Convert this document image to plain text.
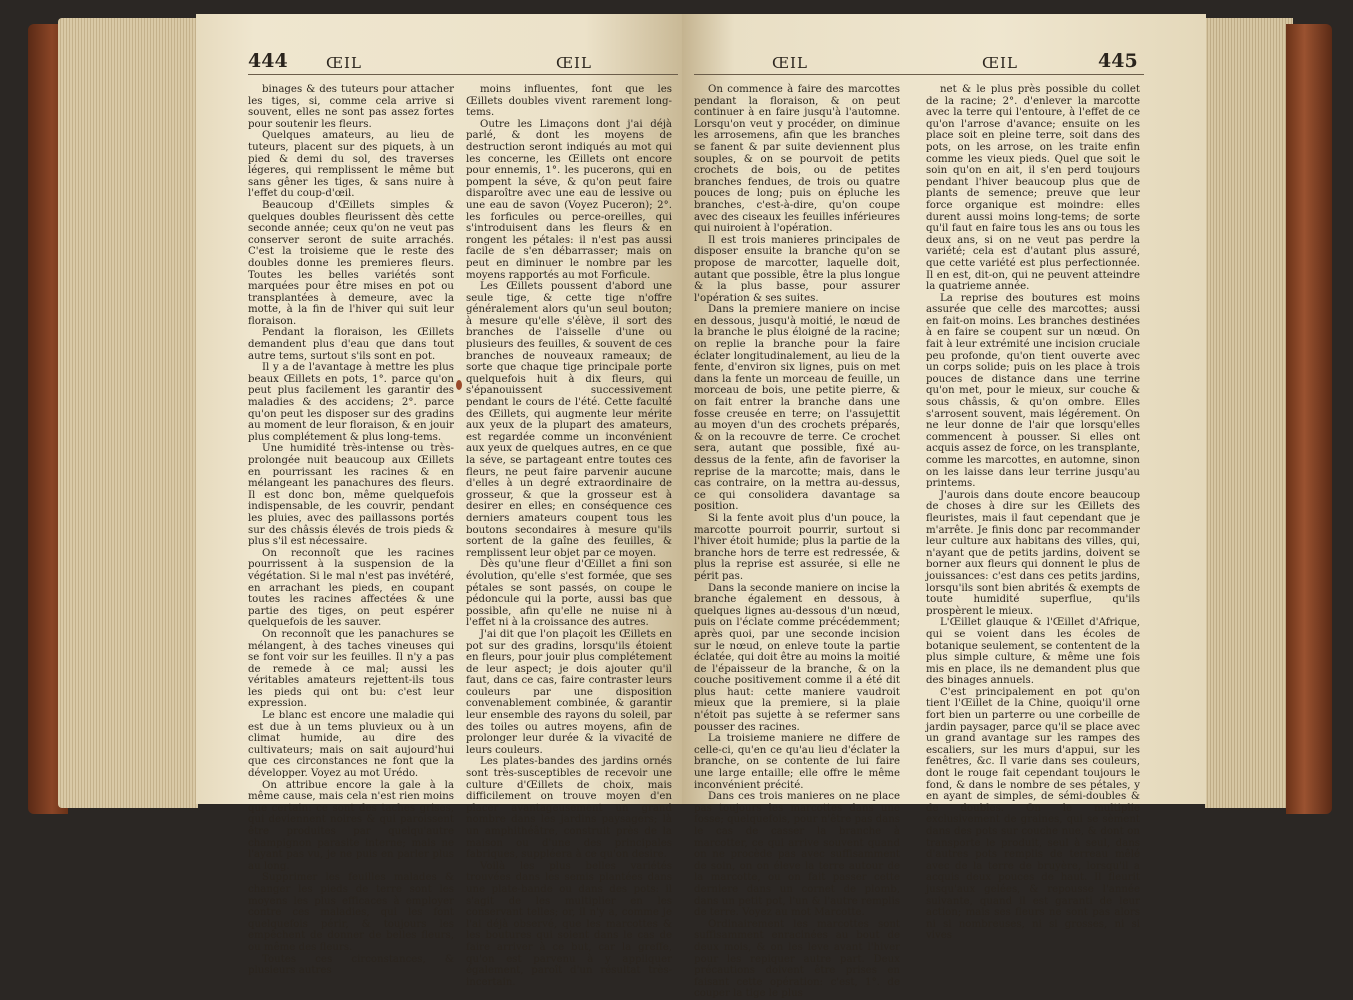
444	ŒIL	ŒIL

binages & des tuteurs pour attacher les tiges, si, comme cela arrive si souvent, elles ne sont pas assez fortes pour soutenir les fleurs.

Quelques amateurs, au lieu de tuteurs, placent sur des piquets, à un pied & demi du sol, des traverses légeres, qui remplissent le même but sans gêner les tiges, & sans nuire à l'effet du coup-d'œil.

Beaucoup d'Œillets simples & quelques doubles fleurissent dès cette seconde année; ceux qu'on ne veut pas conserver seront de suite arrachés. C'est la troisieme que le reste des doubles donne les premieres fleurs. Toutes les belles variétés sont marquées pour être mises en pot ou transplantées à demeure, avec la motte, à la fin de l'hiver qui suit leur floraison.

Pendant la floraison, les Œillets demandent plus d'eau que dans tout autre tems, surtout s'ils sont en pot.

Il y a de l'avantage à mettre les plus beaux Œillets en pots, 1°. parce qu'on peut plus facilement les garantir des maladies & des accidens; 2°. parce qu'on peut les disposer sur des gradins au moment de leur floraison, & en jouir plus complétement & plus long-tems.

Une humidité très-intense ou très-prolongée nuit beaucoup aux Œillets en pourrissant les racines & en mélangeant les panachures des fleurs. Il est donc bon, même quelquefois indispensable, de les couvrir, pendant les pluies, avec des paillassons portés sur des châssis élevés de trois pieds & plus s'il est nécessaire.

On reconnoît que les racines pourrissent à la suspension de la végétation. Si le mal n'est pas invétéré, en arrachant les pieds, en coupant toutes les racines affectées & une partie des tiges, on peut espérer quelquefois de les sauver.

On reconnoît que les panachures se mélangent, à des taches vineuses qui se font voir sur les feuilles. Il n'y a pas de remede à ce mal; aussi les véritables amateurs rejettent-ils tous les pieds qui ont bu: c'est leur expression.

Le blanc est encore une maladie qui est due à un tems pluvieux ou à un climat humide, au dire des cultivateurs; mais on sait aujourd'hui que ces circonstances ne font que la développer. Voyez au mot Urédo.

On attribue encore la gale à la même cause, mais cela n'est rien moins que certain: ce sont des taches grises, qui deviennent noires & qui paroissent être produites par quelqu'autre champignon parasite interne; mais ne l'ayant pas vu, je ne puis en parler plus au long.

Supprimer les feuilles malades & changer les pieds de terre sont les moyens les plus efficaces à employer contre ces maladies, qui les font quelquefois périr, & toujours les empêchent de donner de belles fleurs, ou même des fleurs.

Toutes ces circonstances, & plusieurs autres

moins influentes, font que les Œillets doubles vivent rarement long-tems.

Outre les Limaçons dont j'ai déjà parlé, & dont les moyens de destruction seront indiqués au mot qui les concerne, les Œillets ont encore pour ennemis, 1°. les pucerons, qui en pompent la séve, & qu'on peut faire disparoître avec une eau de lessive ou une eau de savon (Voyez Puceron); 2°. les forficules ou perce-oreilles, qui s'introduisent dans les fleurs & en rongent les pétales: il n'est pas aussi facile de s'en débarrasser; mais on peut en diminuer le nombre par les moyens rapportés au mot Forficule.

Les Œillets poussent d'abord une seule tige, & cette tige n'offre généralement alors qu'un seul bouton; à mesure qu'elle s'élève, il sort des branches de l'aisselle d'une ou plusieurs des feuilles, & souvent de ces branches de nouveaux rameaux; de sorte que chaque tige principale porte quelquefois huit à dix fleurs, qui s'épanouissent successivement pendant le cours de l'été. Cette faculté des Œillets, qui augmente leur mérite aux yeux de la plupart des amateurs, est regardée comme un inconvénient aux yeux de quelques autres, en ce que la séve, se partageant entre toutes ces fleurs, ne peut faire parvenir aucune d'elles à un degré extraordinaire de grosseur, & que la grosseur est à desirer en elles; en conséquence ces derniers amateurs coupent tous les boutons secondaires à mesure qu'ils sortent de la gaîne des feuilles, & remplissent leur objet par ce moyen.

Dès qu'une fleur d'Œillet a fini son évolution, qu'elle s'est formée, que ses pétales se sont passés, on coupe le pédoncule qui la porte, aussi bas que possible, afin qu'elle ne nuise ni à l'effet ni à la croissance des autres.

J'ai dit que l'on plaçoit les Œillets en pot sur des gradins, lorsqu'ils étoient en fleurs, pour jouir plus complétement de leur aspect; je dois ajouter qu'il faut, dans ce cas, faire contraster leurs couleurs par une disposition convenablement combinée, & garantir leur ensemble des rayons du soleil, par des toiles ou autres moyens, afin de prolonger leur durée & la vivacité de leurs couleurs.

Les plates-bandes des jardins ornés sont très-susceptibles de recevoir une culture d'Œillets de choix, mais difficilement on trouve moyen d'en placer avantageusement un grand nombre dans les jardins paysagers; là un amphithéâtre, construit près de la maison ou d'une des principales fabriques, suppléera à ce qu'on desire.

Voilà les plus belles variétés trouvées dans les semis plantées dans une plate-bande ou dans des pots: il s'agit de les multiplier en les conservant telles; or, il n'y a, comme je l'ai déjà observé, que les marcottes & les boutures qui soient dans le cas de faire arriver à ce but, car la greffe, qu'on est parvenu à y appliquer également, paroît d'un résultat très-incertain.

ŒIL	ŒIL	445

On commence à faire des marcottes pendant la floraison, & on peut continuer à en faire jusqu'à l'automne. Lorsqu'on veut y procéder, on diminue les arrosemens, afin que les branches se fanent & par suite deviennent plus souples, & on se pourvoit de petits crochets de bois, ou de petites branches fendues, de trois ou quatre pouces de long; puis on épluche les branches, c'est-à-dire, qu'on coupe avec des ciseaux les feuilles inférieures qui nuiroient à l'opération.

Il est trois manieres principales de disposer ensuite la branche qu'on se propose de marcotter, laquelle doit, autant que possible, être la plus longue & la plus basse, pour assurer l'opération & ses suites.

Dans la premiere maniere on incise en dessous, jusqu'à moitié, le nœud de la branche le plus éloigné de la racine; on replie la branche pour la faire éclater longitudinalement, au lieu de la fente, d'environ six lignes, puis on met dans la fente un morceau de feuille, un morceau de bois, une petite pierre, & on fait entrer la branche dans une fosse creusée en terre; on l'assujettit au moyen d'un des crochets préparés, & on la recouvre de terre. Ce crochet sera, autant que possible, fixé au-dessus de la fente, afin de favoriser la reprise de la marcotte; mais, dans le cas contraire, on la mettra au-dessus, ce qui consolidera davantage sa position.

Si la fente avoit plus d'un pouce, la marcotte pourroit pourrir, surtout si l'hiver étoit humide; plus la partie de la branche hors de terre est redressée, & plus la reprise est assurée, si elle ne périt pas.

Dans la seconde maniere on incise la branche également en dessous, à quelques lignes au-dessous d'un nœud, puis on l'éclate comme précédemment; après quoi, par une seconde incision sur le nœud, on enleve toute la partie éclatée, qui doit être au moins la moitié de l'épaisseur de la branche, & on la couche positivement comme il a été dit plus haut: cette maniere vaudroit mieux que la premiere, si la plaie n'étoit pas sujette à se refermer sans pousser des racines.

La troisieme maniere ne differe de celle-ci, qu'en ce qu'au lieu d'éclater la branche, on se contente de lui faire une large entaille; elle offre le même inconvénient précité.

Dans ces trois manieres on ne place pas toujours les marcottes dans une fosse; quelquefois, pour n'être pas dans le cas de casser la branche à marcotter, ce qui arrive souvent quand on ne procède pas avec suffisamment de soin, on on éleve la terre autour de la marcotte, ou on fait passer cette derniere dans un cornet de plomb, dans un petit pot, l'un & l'autre remplis de terre. Voyez au mot Marcotte.

Ordinairement les marcottes sont suffisamment enracinées au bout de deux mois, & on les leve avant l'hiver pour les repiquer autre part. Deux précautions doivent être prises en faisant cette opération: c'est, 1°. de couper la tige le plus

net & le plus près possible du collet de la racine; 2°. d'enlever la marcotte avec la terre qui l'entoure, à l'effet de ce qu'on l'arrose d'avance; ensuite on les place soit en pleine terre, soit dans des pots, on les arrose, on les traite enfin comme les vieux pieds. Quel que soit le soin qu'on en ait, il s'en perd toujours pendant l'hiver beaucoup plus que de plants de semence; preuve que leur force organique est moindre: elles durent aussi moins long-tems; de sorte qu'il faut en faire tous les ans ou tous les deux ans, si on ne veut pas perdre la variété; cela est d'autant plus assuré, que cette variété est plus perfectionnée. Il en est, dit-on, qui ne peuvent atteindre la quatrieme année.

La reprise des boutures est moins assurée que celle des marcottes; aussi en fait-on moins. Les branches destinées à en faire se coupent sur un nœud. On fait à leur extrémité une incision cruciale peu profonde, qu'on tient ouverte avec un corps solide; puis on les place à trois pouces de distance dans une terrine qu'on met, pour le mieux, sur couche & sous châssis, & qu'on ombre. Elles s'arrosent souvent, mais légérement. On ne leur donne de l'air que lorsqu'elles commencent à pousser. Si elles ont acquis assez de force, on les transplante, comme les marcottes, en automne, sinon on les laisse dans leur terrine jusqu'au printems.

J'aurois dans doute encore beaucoup de choses à dire sur les Œillets des fleuristes, mais il faut cependant que je m'arrête. Je finis donc par recommander leur culture aux habitans des villes, qui, n'ayant que de petits jardins, doivent se borner aux fleurs qui donnent le plus de jouissances: c'est dans ces petits jardins, lorsqu'ils sont bien abrités & exempts de toute humidité superflue, qu'ils prospèrent le mieux.

L'Œillet glauque & l'Œillet d'Afrique, qui se voient dans les écoles de botanique seulement, se contentent de la plus simple culture, & même une fois mis en place, ils ne demandent plus que des binages annuels.

C'est principalement en pot qu'on tient l'Œillet de la Chine, quoiqu'il orne fort bien un parterre ou une corbeille de jardin paysager, parce qu'il se place avec un grand avantage sur les rampes des escaliers, sur les murs d'appui, sur les fenêtres, &c. Il varie dans ses couleurs, dont le rouge fait cependant toujours le fond, & dans le nombre de ses pétales, y en ayant de simples, de sémi-doubles & de doubles. On le multiplie exclusivement de graines, qui se sèment dans des pots sur couche nue, & dont on transporte le produit, seul à seul, dans d'autres pots remplis de terreau mêlé avec de la terre de bruyère, lorsqu'il a acquis deux pouces de haut. Il fleurit jusqu'aux gelées, & repousse l'année suivante, quand il est garanti de leur action; mais ses fleurs ne sont pas alors ni si nombreuses, ni si grosses, ni si vives
